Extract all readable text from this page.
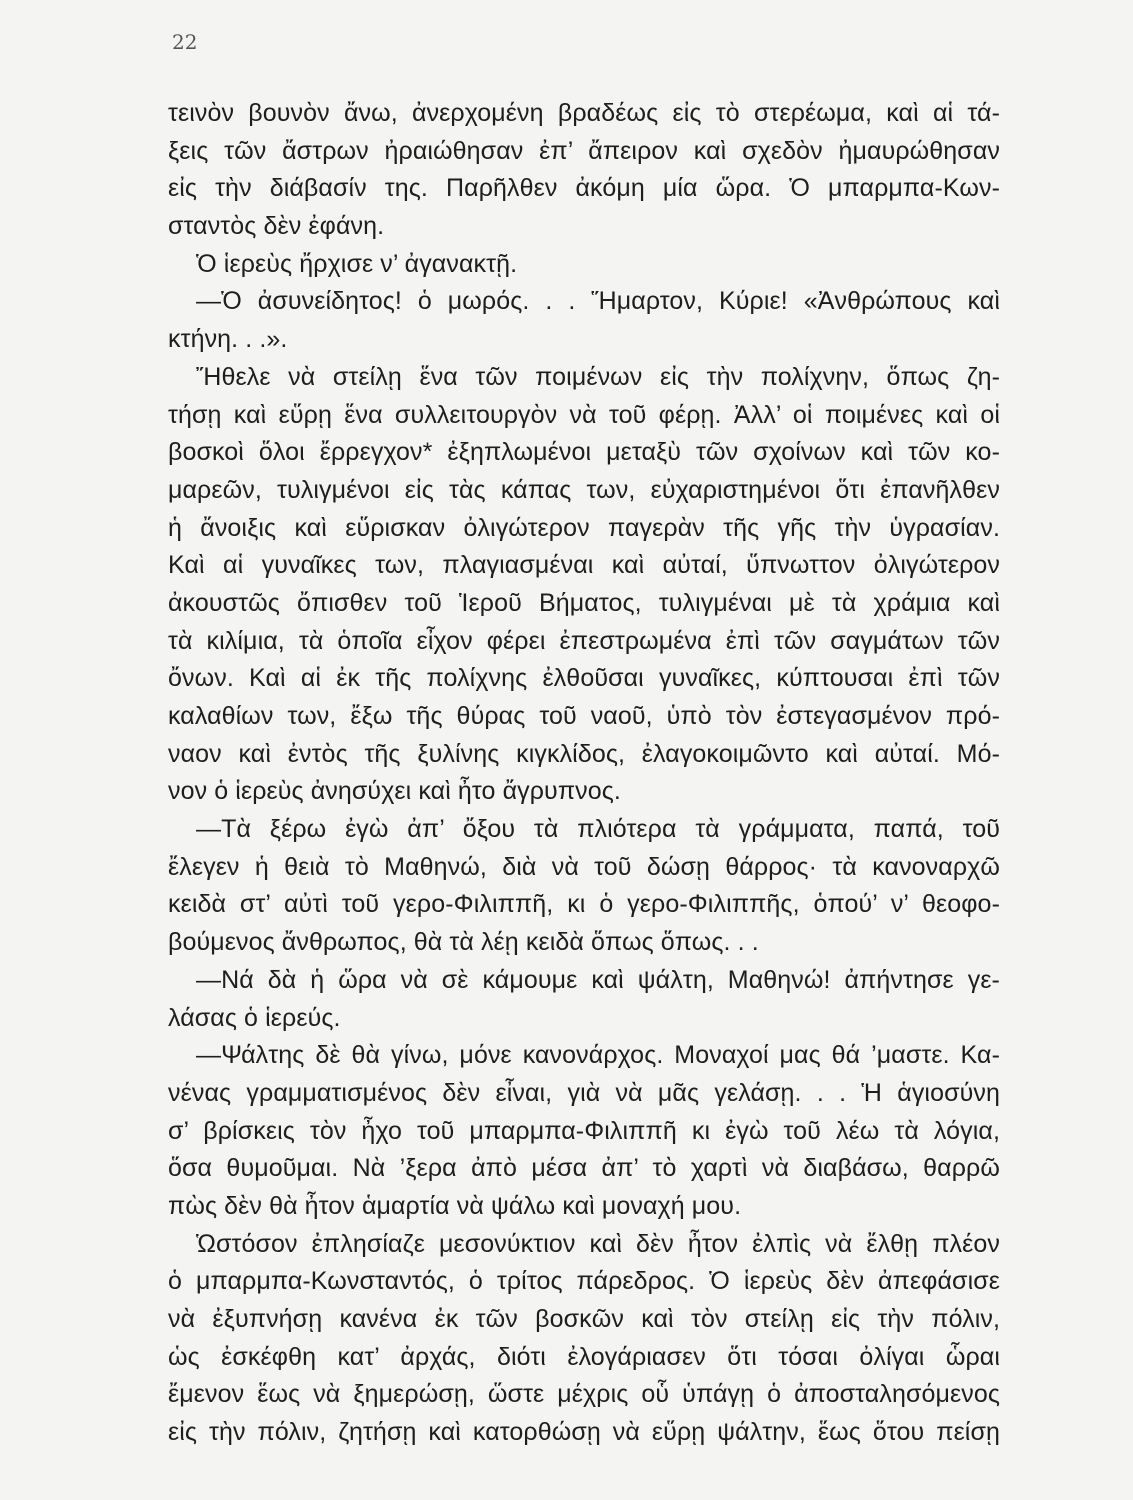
22
τεινὸν βουνὸν ἄνω, ἀνερχομένη βραδέως εἰς τὸ στερέωμα, καὶ αἱ τά-
ξεις τῶν ἄστρων ἠραιώθησαν ἐπ’ ἄπειρον καὶ σχεδὸν ἠμαυρώθησαν
εἰς τὴν διάβασίν της. Παρῆλθεν ἀκόμη μία ὥρα. Ὁ μπαρμπα-Κων-
σταντὸς δὲν ἐφάνη.
Ὁ ἱερεὺς ἤρχισε ν’ ἀγανακτῇ.
—Ὁ ἀσυνείδητος! ὁ μωρός. . . Ἥμαρτον, Κύριε! «Ἀνθρώπους καὶ
κτήνη. . .».
Ἤθελε νὰ στείλῃ ἕνα τῶν ποιμένων εἰς τὴν πολίχνην, ὅπως ζη-
τήσῃ καὶ εὕρῃ ἕνα συλλειτουργὸν νὰ τοῦ φέρῃ. Ἀλλ’ οἱ ποιμένες καὶ οἱ
βοσκοὶ ὅλοι ἔρρεγχον* ἐξηπλωμένοι μεταξὺ τῶν σχοίνων καὶ τῶν κο-
μαρεῶν, τυλιγμένοι εἰς τὰς κάπας των, εὐχαριστημένοι ὅτι ἐπανῆλθεν
ἡ ἄνοιξις καὶ εὕρισκαν ὀλιγώτερον παγερὰν τῆς γῆς τὴν ὑγρασίαν.
Καὶ αἱ γυναῖκες των, πλαγιασμέναι καὶ αὐταί, ὕπνωττον ὀλιγώτερον
ἀκουστῶς ὄπισθεν τοῦ Ἱεροῦ Βήματος, τυλιγμέναι μὲ τὰ χράμια καὶ
τὰ κιλίμια, τὰ ὁποῖα εἶχον φέρει ἐπεστρωμένα ἐπὶ τῶν σαγμάτων τῶν
ὄνων. Καὶ αἱ ἐκ τῆς πολίχνης ἐλθοῦσαι γυναῖκες, κύπτουσαι ἐπὶ τῶν
καλαθίων των, ἔξω τῆς θύρας τοῦ ναοῦ, ὑπὸ τὸν ἐστεγασμένον πρό-
ναον καὶ ἐντὸς τῆς ξυλίνης κιγκλίδος, ἐλαγοκοιμῶντο καὶ αὐταί. Μό-
νον ὁ ἱερεὺς ἀνησύχει καὶ ἦτο ἄγρυπνος.
—Τὰ ξέρω ἐγὼ ἀπ’ ὄξου τὰ πλιότερα τὰ γράμματα, παπά, τοῦ
ἔλεγεν ἡ θειὰ τὸ Μαθηνώ, διὰ νὰ τοῦ δώσῃ θάρρος· τὰ κανοναρχῶ
κειδὰ στ’ αὐτὶ τοῦ γερο-Φιλιππῆ, κι ὁ γερο-Φιλιππῆς, ὁπού’ ν’ θεοφο-
βούμενος ἄνθρωπος, θὰ τὰ λέῃ κειδὰ ὅπως ὅπως. . .
—Νά δὰ ἡ ὥρα νὰ σὲ κάμουμε καὶ ψάλτη, Μαθηνώ! ἀπήντησε γε-
λάσας ὁ ἱερεύς.
—Ψάλτης δὲ θὰ γίνω, μόνε κανονάρχος. Μοναχοί μας θά ’μαστε. Κα-
νένας γραμματισμένος δὲν εἶναι, γιὰ νὰ μᾶς γελάσῃ. . . Ἡ ἁγιοσύνη
σ’ βρίσκεις τὸν ἦχο τοῦ μπαρμπα-Φιλιππῆ κι ἐγὼ τοῦ λέω τὰ λόγια,
ὅσα θυμοῦμαι. Νὰ ’ξερα ἀπὸ μέσα ἀπ’ τὸ χαρτὶ νὰ διαβάσω, θαρρῶ
πὼς δὲν θὰ ἦτον ἁμαρτία νὰ ψάλω καὶ μοναχή μου.
Ὡστόσον ἐπλησίαζε μεσονύκτιον καὶ δὲν ἦτον ἐλπὶς νὰ ἔλθῃ πλέον
ὁ μπαρμπα-Κωνσταντός, ὁ τρίτος πάρεδρος. Ὁ ἱερεὺς δὲν ἀπεφάσισε
νὰ ἐξυπνήσῃ κανένα ἐκ τῶν βοσκῶν καὶ τὸν στείλῃ εἰς τὴν πόλιν,
ὡς ἐσκέφθη κατ’ ἀρχάς, διότι ἐλογάριασεν ὅτι τόσαι ὀλίγαι ὧραι
ἔμενον ἕως νὰ ξημερώσῃ, ὥστε μέχρις οὗ ὑπάγῃ ὁ ἀποσταλησόμενος
εἰς τὴν πόλιν, ζητήσῃ καὶ κατορθώσῃ νὰ εὕρῃ ψάλτην, ἕως ὅτου πείσῃ
